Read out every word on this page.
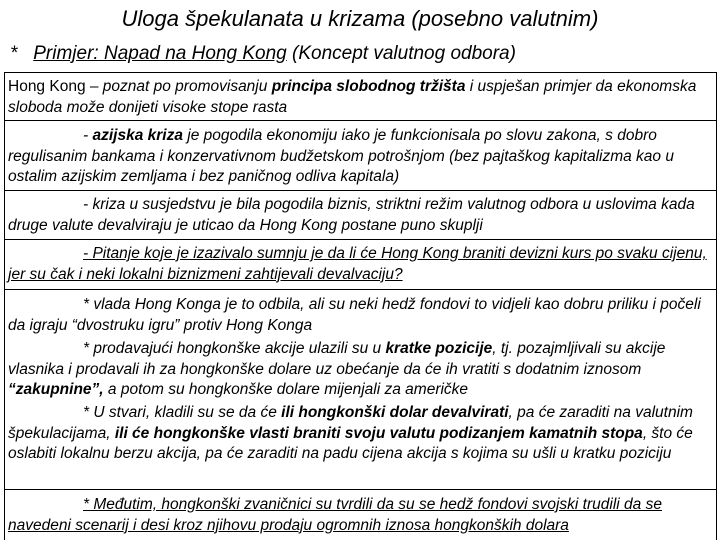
Uloga špekulanata u krizama (posebno valutnim)
* Primjer: Napad na Hong Kong (Koncept valutnog odbora)

Hong Kong – poznat po promovisanju principa slobodnog tržišta i uspješan primjer da ekonomska sloboda može donijeti visoke stope rasta

- azijska kriza je pogodila ekonomiju iako je funkcionisala po slovu zakona, s dobro regulisanim bankama i konzervativnom budžetskom potrošnjom (bez pajtaškog kapitalizma kao u ostalim azijskim zemljama i bez paničnog odliva kapitala)

- kriza u susjedstvu je bila pogodila biznis, striktni režim valutnog odbora u uslovima kada druge valute devalviraju je uticao da Hong Kong postane puno skuplji

- Pitanje koje je izazivalo sumnju je da li će Hong Kong braniti devizni kurs po svaku cijenu, jer su čak i neki lokalni biznizmeni zahtijevali devalvaciju?

* vlada Hong Konga je to odbila, ali su neki hedž fondovi to vidjeli kao dobru priliku i počeli da igraju “dvostruku igru” protiv Hong Konga

* prodavajući hongkonške akcije ulazili su u kratke pozicije, tj. pozajmljivali su akcije vlasnika i prodavali ih za hongkonške dolare uz obećanje da će ih vratiti s dodatnim iznosom “zakupnine”, a potom su hongkonške dolare mijenjali za američke

* U stvari, kladili su se da će ili hongkonški dolar devalvirati, pa će zaraditi na valutnim špekulacijama, ili će hongkonške vlasti braniti svoju valutu podizanjem kamatnih stopa, što će oslabiti lokalnu berzu akcija, pa će zaraditi na padu cijena akcija s kojima su ušli u kratku poziciju

* Međutim, hongkonški zvaničnici su tvrdili da su se hedž fondovi svojski trudili da se navedeni scenarij i desi kroz njihovu prodaju ogromnih iznosa hongkonških dolara
